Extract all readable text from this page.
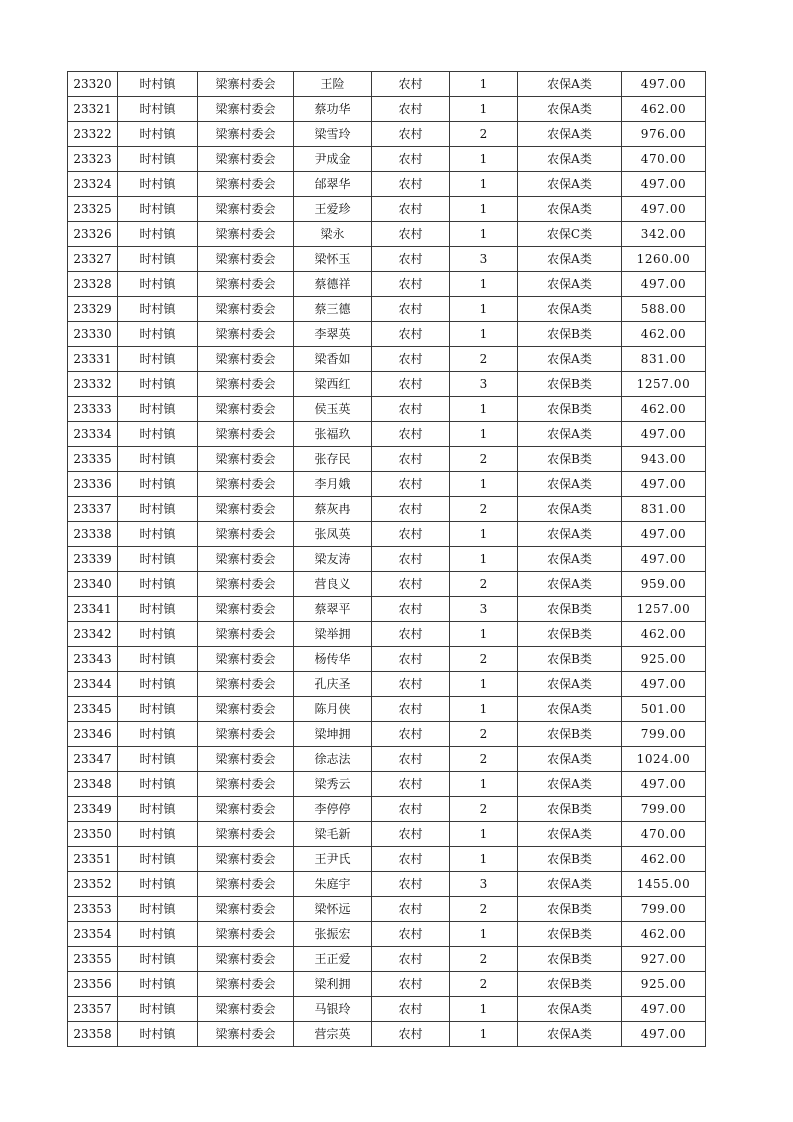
23320	时村镇	梁寨村委会	王险	农村	1	农保A类	497.00
23321	时村镇	梁寨村委会	蔡功华	农村	1	农保A类	462.00
23322	时村镇	梁寨村委会	梁雪玲	农村	2	农保A类	976.00
23323	时村镇	梁寨村委会	尹成金	农村	1	农保A类	470.00
23324	时村镇	梁寨村委会	邰翠华	农村	1	农保A类	497.00
23325	时村镇	梁寨村委会	王爱珍	农村	1	农保A类	497.00
23326	时村镇	梁寨村委会	梁永	农村	1	农保C类	342.00
23327	时村镇	梁寨村委会	梁怀玉	农村	3	农保A类	1260.00
23328	时村镇	梁寨村委会	蔡德祥	农村	1	农保A类	497.00
23329	时村镇	梁寨村委会	蔡三德	农村	1	农保A类	588.00
23330	时村镇	梁寨村委会	李翠英	农村	1	农保B类	462.00
23331	时村镇	梁寨村委会	梁香如	农村	2	农保A类	831.00
23332	时村镇	梁寨村委会	梁西红	农村	3	农保B类	1257.00
23333	时村镇	梁寨村委会	侯玉英	农村	1	农保B类	462.00
23334	时村镇	梁寨村委会	张福玖	农村	1	农保A类	497.00
23335	时村镇	梁寨村委会	张存民	农村	2	农保B类	943.00
23336	时村镇	梁寨村委会	李月娥	农村	1	农保A类	497.00
23337	时村镇	梁寨村委会	蔡灰冉	农村	2	农保A类	831.00
23338	时村镇	梁寨村委会	张凤英	农村	1	农保A类	497.00
23339	时村镇	梁寨村委会	梁友涛	农村	1	农保A类	497.00
23340	时村镇	梁寨村委会	营良义	农村	2	农保A类	959.00
23341	时村镇	梁寨村委会	蔡翠平	农村	3	农保B类	1257.00
23342	时村镇	梁寨村委会	梁举拥	农村	1	农保B类	462.00
23343	时村镇	梁寨村委会	杨传华	农村	2	农保B类	925.00
23344	时村镇	梁寨村委会	孔庆圣	农村	1	农保A类	497.00
23345	时村镇	梁寨村委会	陈月侠	农村	1	农保A类	501.00
23346	时村镇	梁寨村委会	梁坤拥	农村	2	农保B类	799.00
23347	时村镇	梁寨村委会	徐志法	农村	2	农保A类	1024.00
23348	时村镇	梁寨村委会	梁秀云	农村	1	农保A类	497.00
23349	时村镇	梁寨村委会	李停停	农村	2	农保B类	799.00
23350	时村镇	梁寨村委会	梁毛新	农村	1	农保A类	470.00
23351	时村镇	梁寨村委会	王尹氏	农村	1	农保B类	462.00
23352	时村镇	梁寨村委会	朱庭宇	农村	3	农保A类	1455.00
23353	时村镇	梁寨村委会	梁怀远	农村	2	农保B类	799.00
23354	时村镇	梁寨村委会	张振宏	农村	1	农保B类	462.00
23355	时村镇	梁寨村委会	王正爱	农村	2	农保B类	927.00
23356	时村镇	梁寨村委会	梁利拥	农村	2	农保B类	925.00
23357	时村镇	梁寨村委会	马银玲	农村	1	农保A类	497.00
23358	时村镇	梁寨村委会	营宗英	农村	1	农保A类	497.00
